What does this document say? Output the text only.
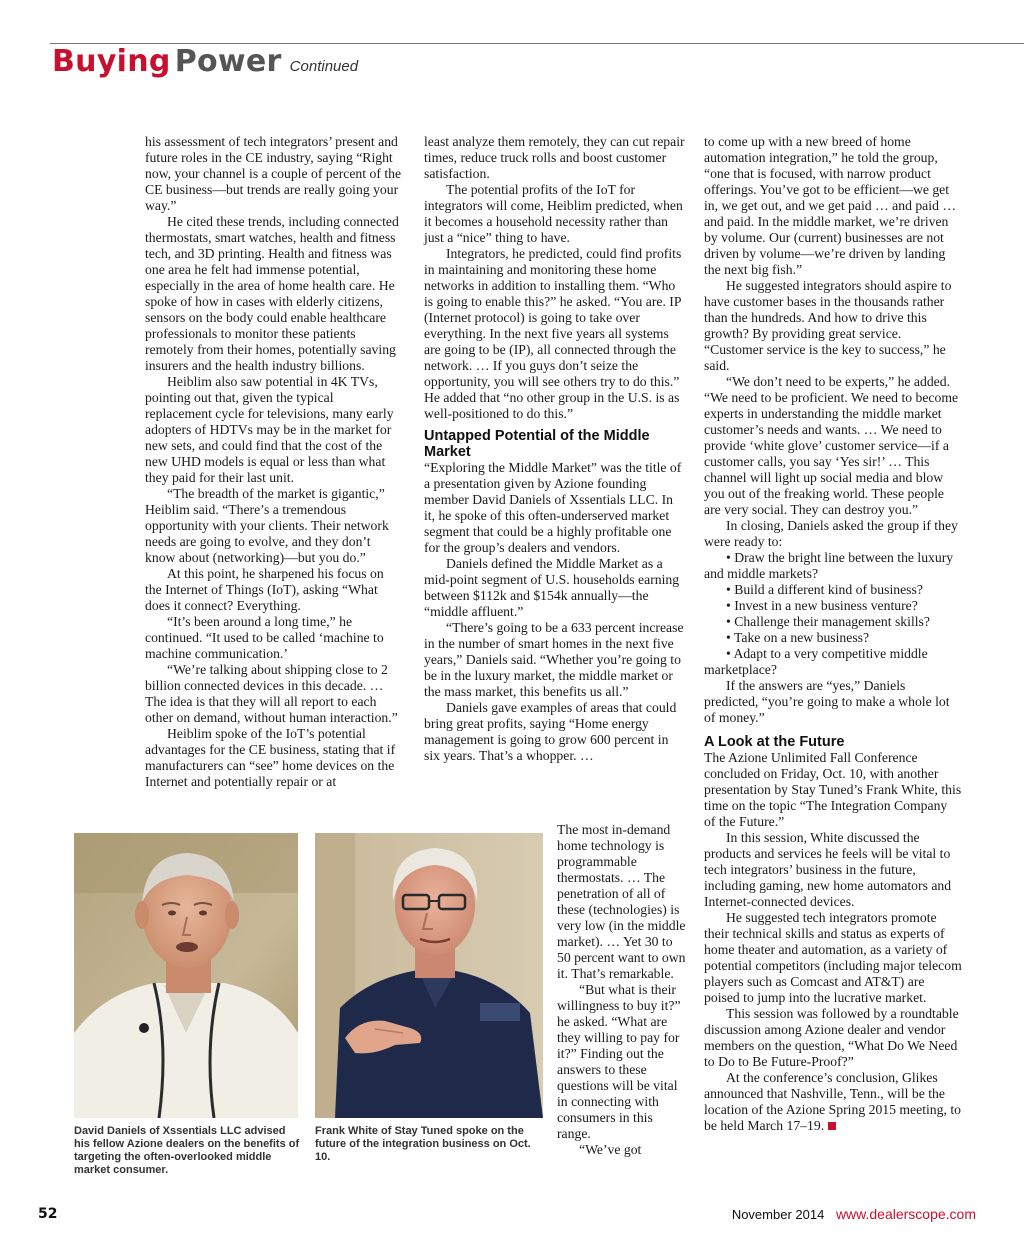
Buying Power Continued

his assessment of tech integrators’ present and future roles in the CE industry, saying “Right now, your channel is a couple of percent of the CE business—but trends are really going your way.”

He cited these trends, including connected thermostats, smart watches, health and fitness tech, and 3D printing. Health and fitness was one area he felt had immense potential, especially in the area of home health care. He spoke of how in cases with elderly citizens, sensors on the body could enable healthcare professionals to monitor these patients remotely from their homes, potentially saving insurers and the health industry billions.

Heiblim also saw potential in 4K TVs, pointing out that, given the typical replacement cycle for televisions, many early adopters of HDTVs may be in the market for new sets, and could find that the cost of the new UHD models is equal or less than what they paid for their last unit.

“The breadth of the market is gigantic,” Heiblim said. “There’s a tremendous opportunity with your clients. Their network needs are going to evolve, and they don’t know about (networking)—but you do.”

At this point, he sharpened his focus on the Internet of Things (IoT), asking “What does it connect? Everything.

“It’s been around a long time,” he continued. “It used to be called ‘machine to machine communication.’

“We’re talking about shipping close to 2 billion connected devices in this decade. … The idea is that they will all report to each other on demand, without human interaction.”

Heiblim spoke of the IoT’s potential advantages for the CE business, stating that if manufacturers can “see” home devices on the Internet and potentially repair or at

least analyze them remotely, they can cut repair times, reduce truck rolls and boost customer satisfaction.

The potential profits of the IoT for integrators will come, Heiblim predicted, when it becomes a household necessity rather than just a “nice” thing to have.

Integrators, he predicted, could find profits in maintaining and monitoring these home networks in addition to installing them. “Who is going to enable this?” he asked. “You are. IP (Internet protocol) is going to take over everything. In the next five years all systems are going to be (IP), all connected through the network. … If you guys don’t seize the opportunity, you will see others try to do this.” He added that “no other group in the U.S. is as well-positioned to do this.”

Untapped Potential of the Middle Market

“Exploring the Middle Market” was the title of a presentation given by Azione founding member David Daniels of Xssentials LLC. In it, he spoke of this often-underserved market segment that could be a highly profitable one for the group’s dealers and vendors.

Daniels defined the Middle Market as a mid-point segment of U.S. households earning between $112k and $154k annually—the “middle affluent.”

“There’s going to be a 633 percent increase in the number of smart homes in the next five years,” Daniels said. “Whether you’re going to be in the luxury market, the middle market or the mass market, this benefits us all.”

Daniels gave examples of areas that could bring great profits, saying “Home energy management is going to grow 600 percent in six years. That’s a whopper. …

The most in-demand home technology is programmable thermostats. … The penetration of all of these (technologies) is very low (in the middle market). … Yet 30 to 50 percent want to own it. That’s remarkable.

“But what is their willingness to buy it?” he asked. “What are they willing to pay for it?” Finding out the answers to these questions will be vital in connecting with consumers in this range.

“We’ve got

to come up with a new breed of home automation integration,” he told the group, “one that is focused, with narrow product offerings. You’ve got to be efficient—we get in, we get out, and we get paid … and paid … and paid. In the middle market, we’re driven by volume. Our (current) businesses are not driven by volume—we’re driven by landing the next big fish.”

He suggested integrators should aspire to have customer bases in the thousands rather than the hundreds. And how to drive this growth? By providing great service. “Customer service is the key to success,” he said.

“We don’t need to be experts,” he added. “We need to be proficient. We need to become experts in understanding the middle market customer’s needs and wants. … We need to provide ‘white glove’ customer service—if a customer calls, you say ‘Yes sir!’ … This channel will light up social media and blow you out of the freaking world. These people are very social. They can destroy you.”

In closing, Daniels asked the group if they were ready to:

• Draw the bright line between the luxury and middle markets?

• Build a different kind of business?

• Invest in a new business venture?

• Challenge their management skills?

• Take on a new business?

• Adapt to a very competitive middle marketplace?

If the answers are “yes,” Daniels predicted, “you’re going to make a whole lot of money.”

A Look at the Future

The Azione Unlimited Fall Conference concluded on Friday, Oct. 10, with another presentation by Stay Tuned’s Frank White, this time on the topic “The Integration Company of the Future.”

In this session, White discussed the products and services he feels will be vital to tech integrators’ business in the future, including gaming, new home automators and Internet-connected devices.

He suggested tech integrators promote their technical skills and status as experts of home theater and automation, as a variety of potential competitors (including major telecom players such as Comcast and AT&T) are poised to jump into the lucrative market.

This session was followed by a roundtable discussion among Azione dealer and vendor members on the question, “What Do We Need to Do to Be Future-Proof?”

At the conference’s conclusion, Glikes announced that Nashville, Tenn., will be the location of the Azione Spring 2015 meeting, to be held March 17–19.

David Daniels of Xssentials LLC advised his fellow Azione dealers on the benefits of targeting the often-overlooked middle market consumer.
Frank White of Stay Tuned spoke on the future of the integration business on Oct. 10.
52	November 2014 www.dealerscope.com
